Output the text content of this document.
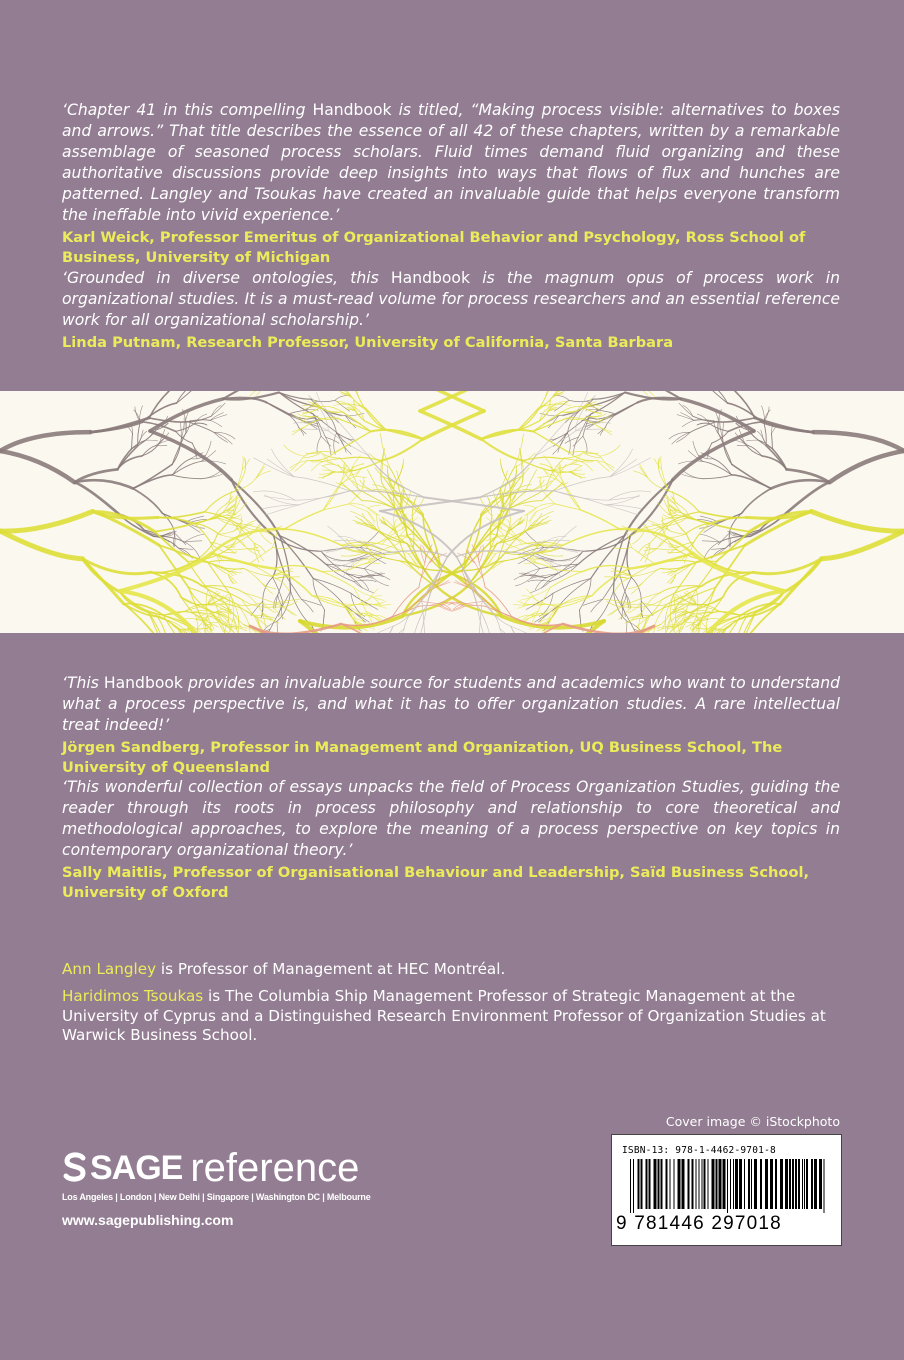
‘Chapter 41 in this compelling Handbook is titled, “Making process visible: alternatives to boxes and arrows.” That title describes the essence of all 42 of these chapters, written by a remarkable assemblage of seasoned process scholars. Fluid times demand fluid organizing and these authoritative discussions provide deep insights into ways that flows of flux and hunches are patterned. Langley and Tsoukas have created an invaluable guide that helps everyone transform the ineffable into vivid experience.’

Karl Weick, Professor Emeritus of Organizational Behavior and Psychology, Ross School of Business, University of Michigan

‘Grounded in diverse ontologies, this Handbook is the magnum opus of process work in organizational studies. It is a must-read volume for process researchers and an essential reference work for all organizational scholarship.’

Linda Putnam, Research Professor, University of California, Santa Barbara

‘This Handbook provides an invaluable source for students and academics who want to understand what a process perspective is, and what it has to offer organization studies. A rare intellectual treat indeed!’

Jörgen Sandberg, Professor in Management and Organization, UQ Business School, The University of Queensland

‘This wonderful collection of essays unpacks the field of Process Organization Studies, guiding the reader through its roots in process philosophy and relationship to core theoretical and methodological approaches, to explore the meaning of a process perspective on key topics in contemporary organizational theory.’

Sally Maitlis, Professor of Organisational Behaviour and Leadership, Saïd Business School, University of Oxford

Ann Langley is Professor of Management at HEC Montréal.

Haridimos Tsoukas is The Columbia Ship Management Professor of Strategic Management at the University of Cyprus and a Distinguished Research Environment Professor of Organization Studies at Warwick Business School.

Cover image © iStockphoto
ISBN-13: 978-1-4462-9701-8
9 781446 297018
SAGE reference
Los Angeles | London | New Delhi | Singapore | Washington DC | Melbourne
www.sagepublishing.com
